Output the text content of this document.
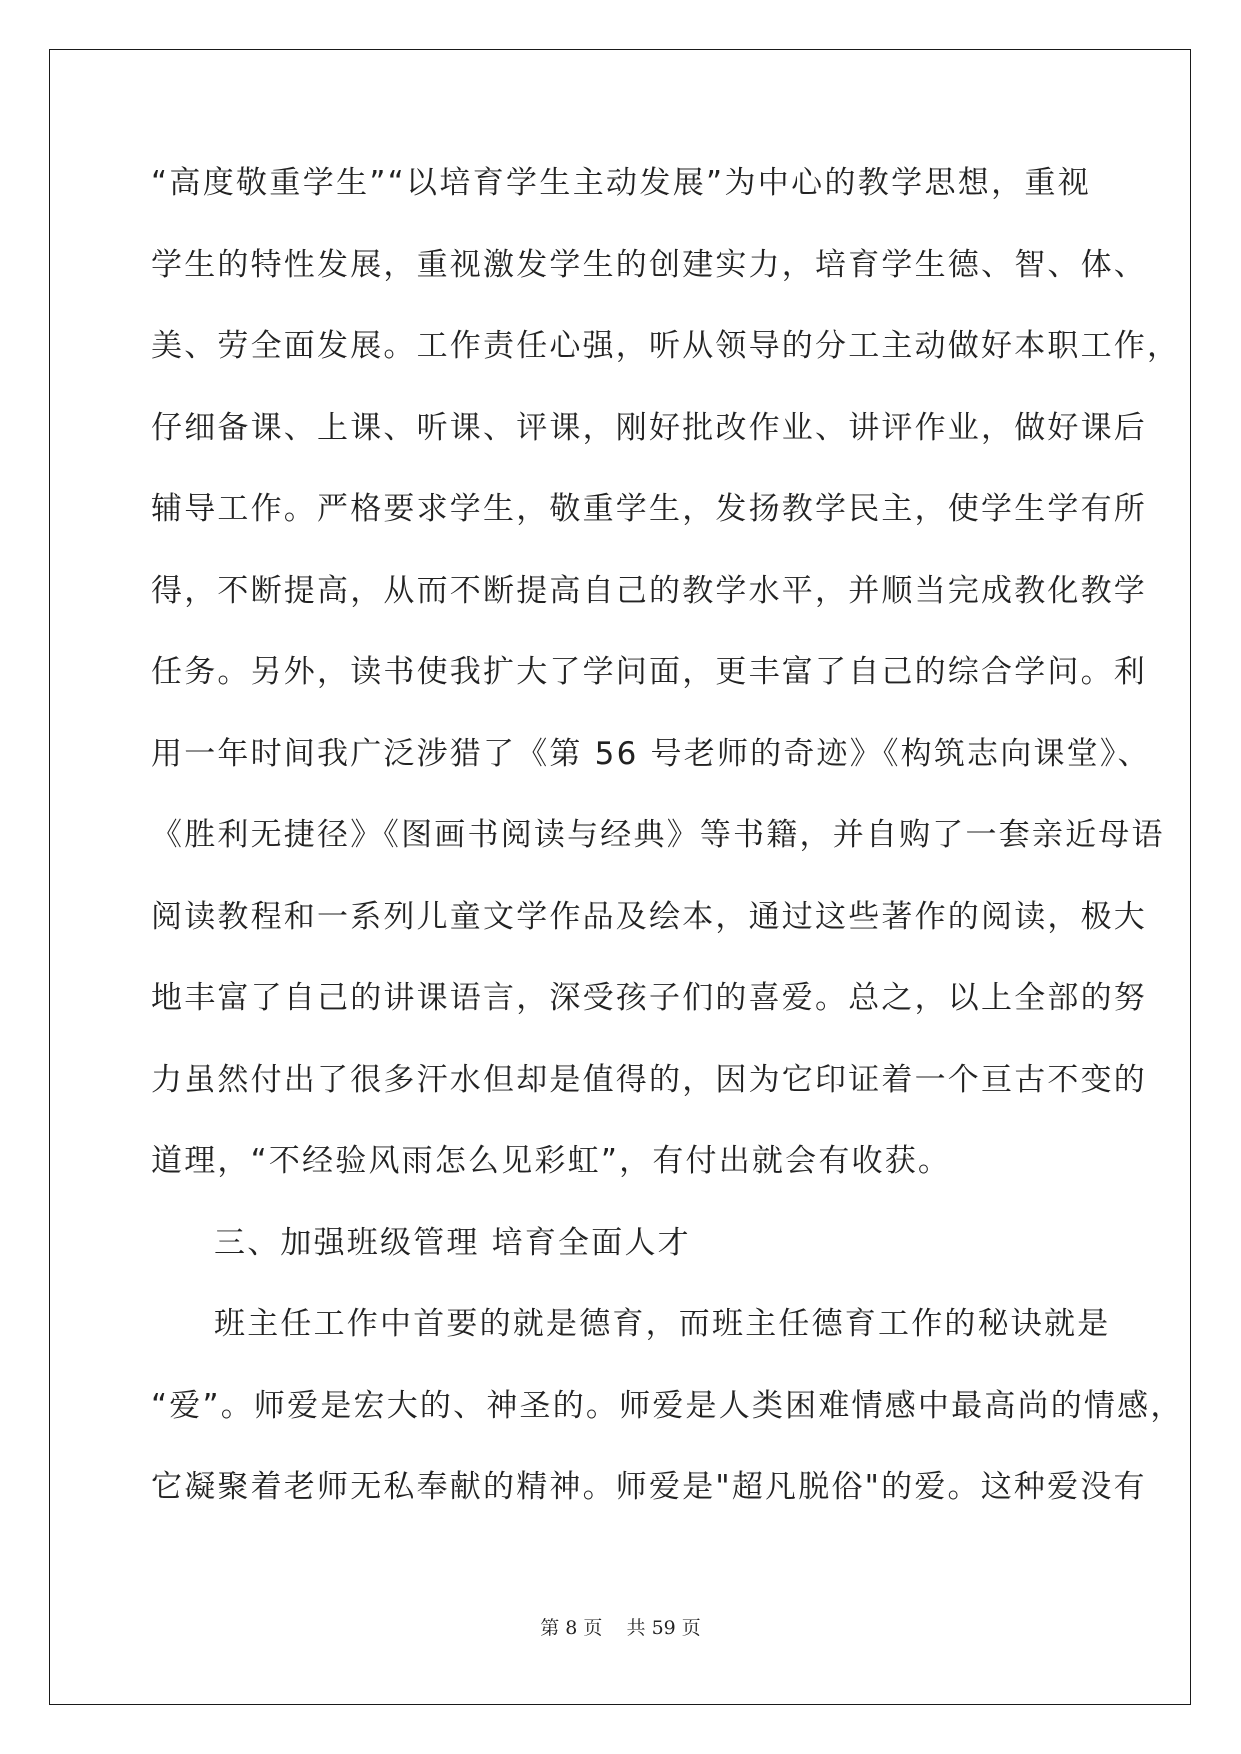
“高度敬重学生”“以培育学生主动发展”为中心的教学思想，重视
学生的特性发展，重视激发学生的创建实力，培育学生德、智、体、
美、劳全面发展。工作责任心强，听从领导的分工主动做好本职工作，
仔细备课、上课、听课、评课，刚好批改作业、讲评作业，做好课后
辅导工作。严格要求学生，敬重学生，发扬教学民主，使学生学有所
得，不断提高，从而不断提高自己的教学水平，并顺当完成教化教学
任务。另外，读书使我扩大了学问面，更丰富了自己的综合学问。利
用一年时间我广泛涉猎了《第 56 号老师的奇迹》《构筑志向课堂》、
《胜利无捷径》《图画书阅读与经典》等书籍，并自购了一套亲近母语
阅读教程和一系列儿童文学作品及绘本，通过这些著作的阅读，极大
地丰富了自己的讲课语言，深受孩子们的喜爱。总之，以上全部的努
力虽然付出了很多汗水但却是值得的，因为它印证着一个亘古不变的
道理，“不经验风雨怎么见彩虹”，有付出就会有收获。
三、加强班级管理 培育全面人才
班主任工作中首要的就是德育，而班主任德育工作的秘诀就是
“爱”。师爱是宏大的、神圣的。师爱是人类困难情感中最高尚的情感，
它凝聚着老师无私奉献的精神。师爱是"超凡脱俗"的爱。这种爱没有
第 8 页    共 59 页
